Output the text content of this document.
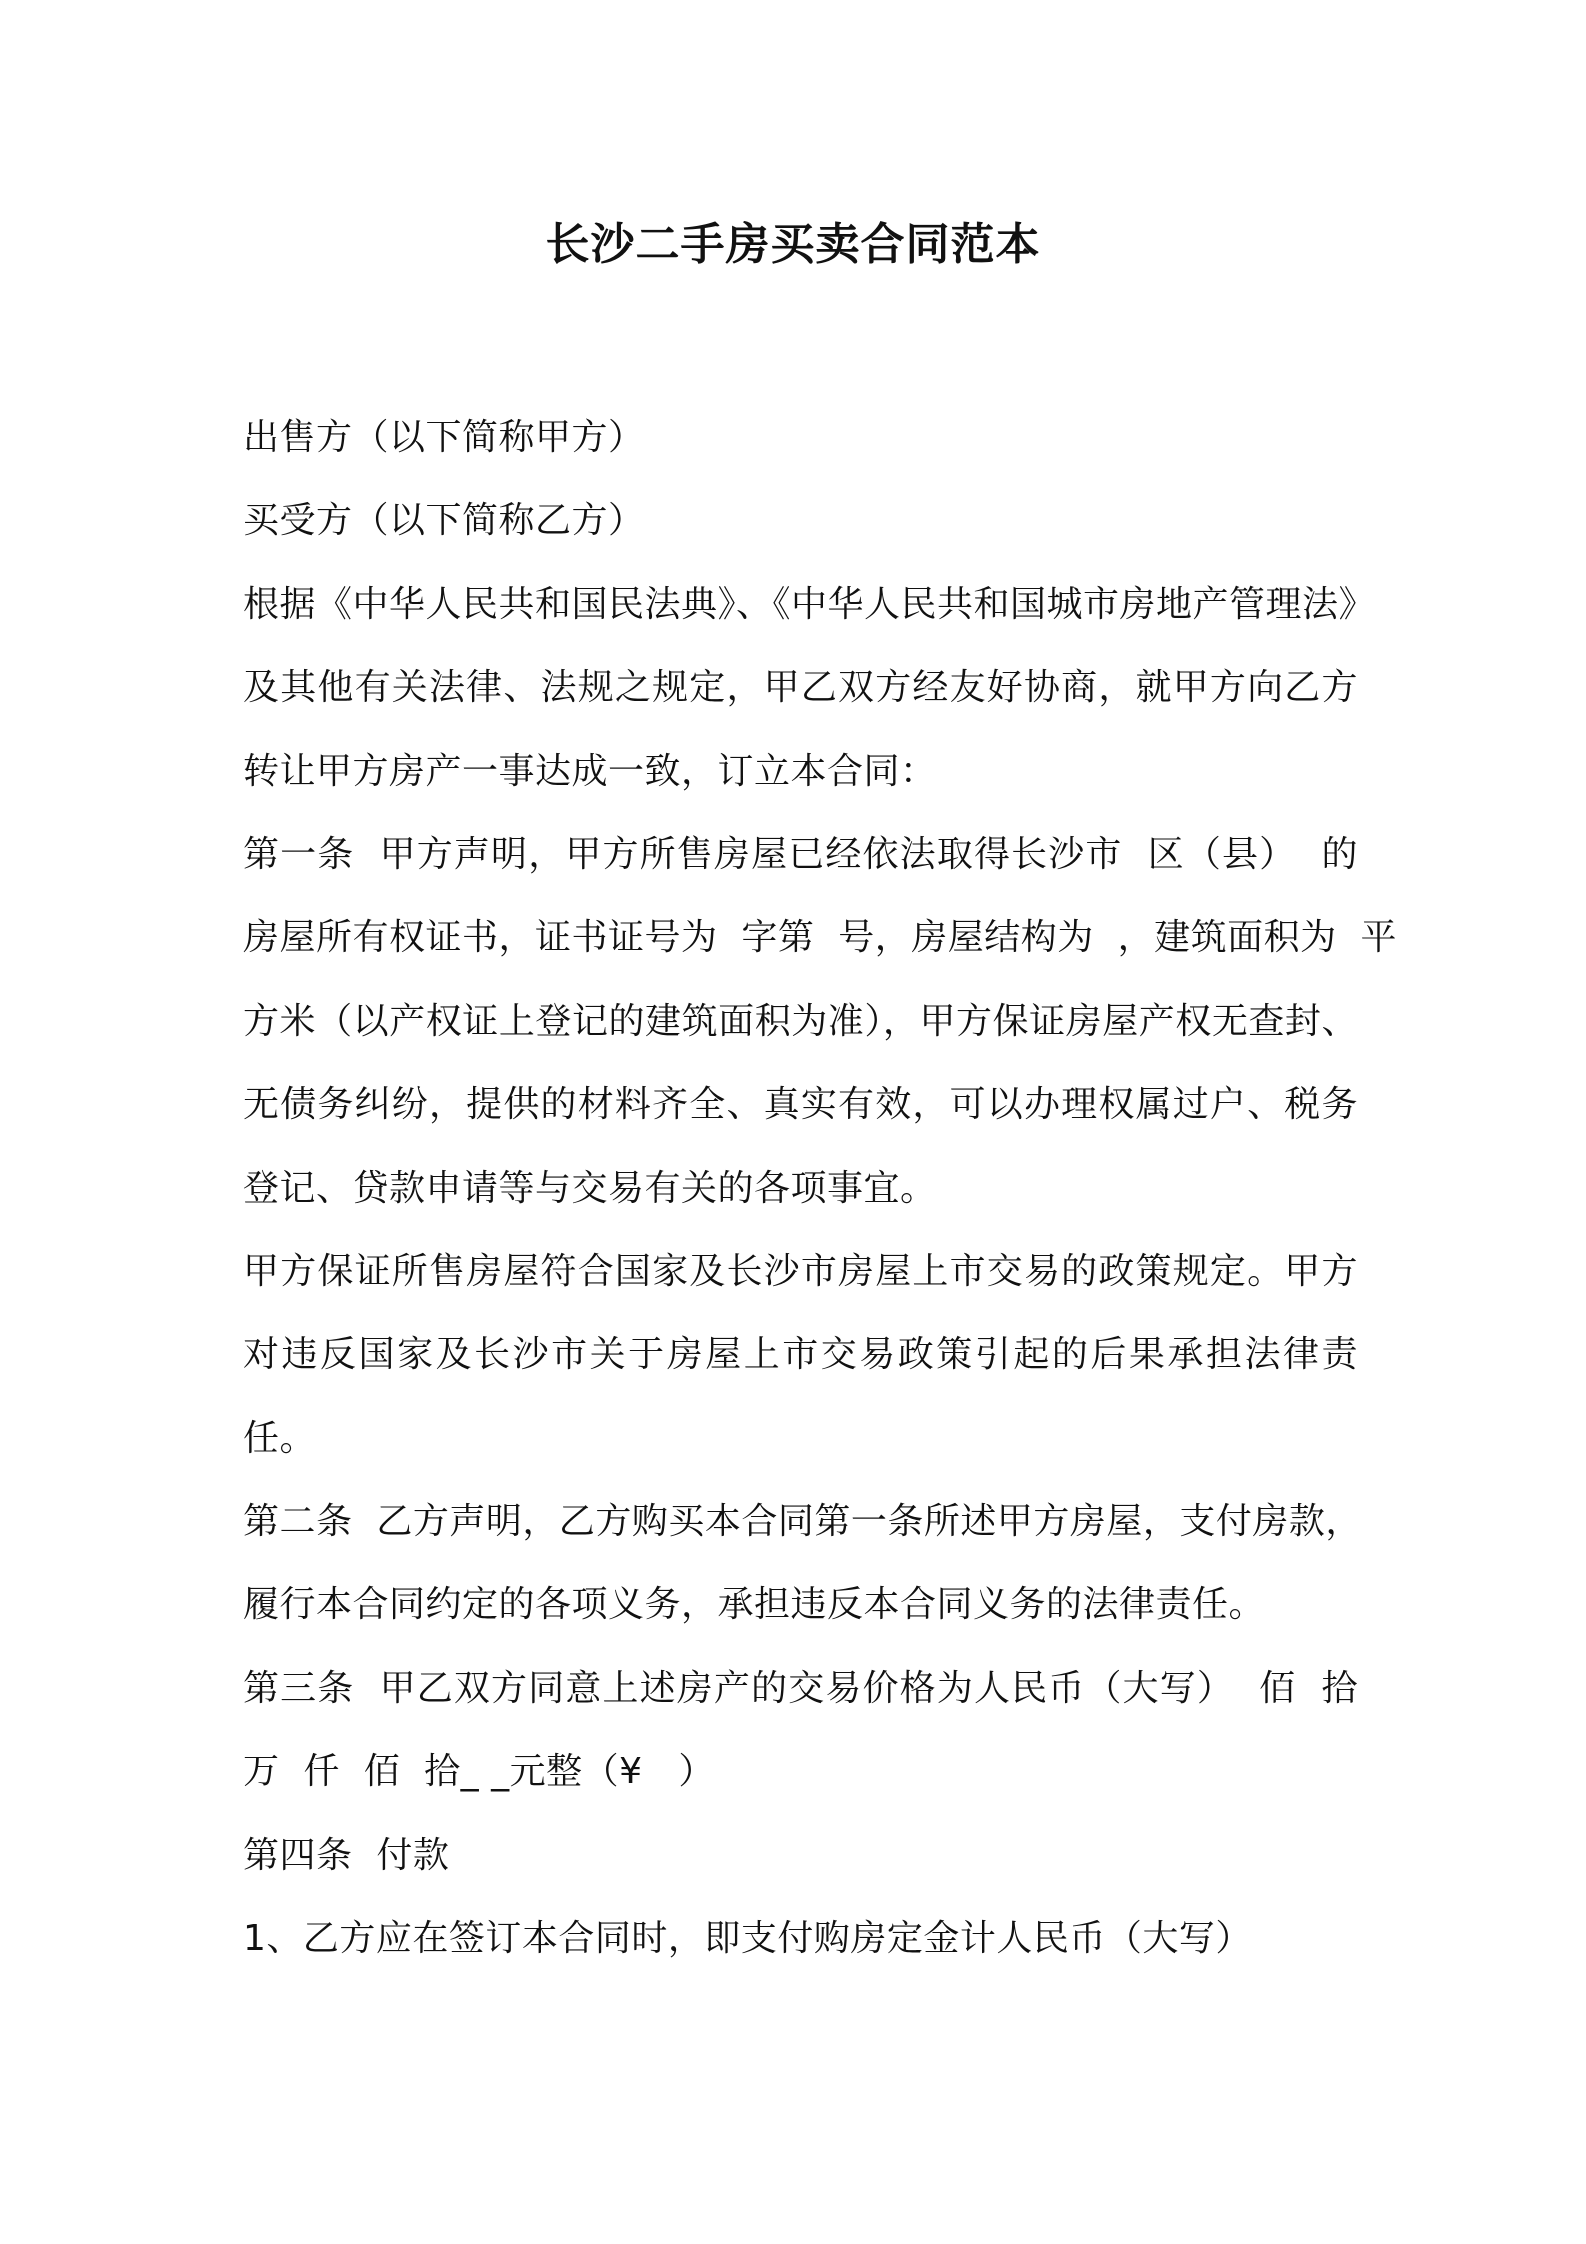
长沙二手房买卖合同范本
出售方（以下简称甲方）
买受方（以下简称乙方）
根据《中华人民共和国民法典》、《中华人民共和国城市房地产管理法》
及其他有关法律、法规之规定，甲乙双方经友好协商，就甲方向乙方
转让甲方房产一事达成一致，订立本合同：
第一条  甲方声明，甲方所售房屋已经依法取得长沙市  区（县）  的
房屋所有权证书，证书证号为  字第  号，房屋结构为  ，建筑面积为  平
方米（以产权证上登记的建筑面积为准），甲方保证房屋产权无查封、
无债务纠纷，提供的材料齐全、真实有效，可以办理权属过户、税务
登记、贷款申请等与交易有关的各项事宜。
甲方保证所售房屋符合国家及长沙市房屋上市交易的政策规定。甲方
对违反国家及长沙市关于房屋上市交易政策引起的后果承担法律责
任。
第二条  乙方声明，乙方购买本合同第一条所述甲方房屋，支付房款，
履行本合同约定的各项义务，承担违反本合同义务的法律责任。
第三条  甲乙双方同意上述房产的交易价格为人民币（大写）  佰  拾
万  仟  佰  拾_ _元整（¥   ）
第四条  付款
1、乙方应在签订本合同时，即支付购房定金计人民币（大写）
